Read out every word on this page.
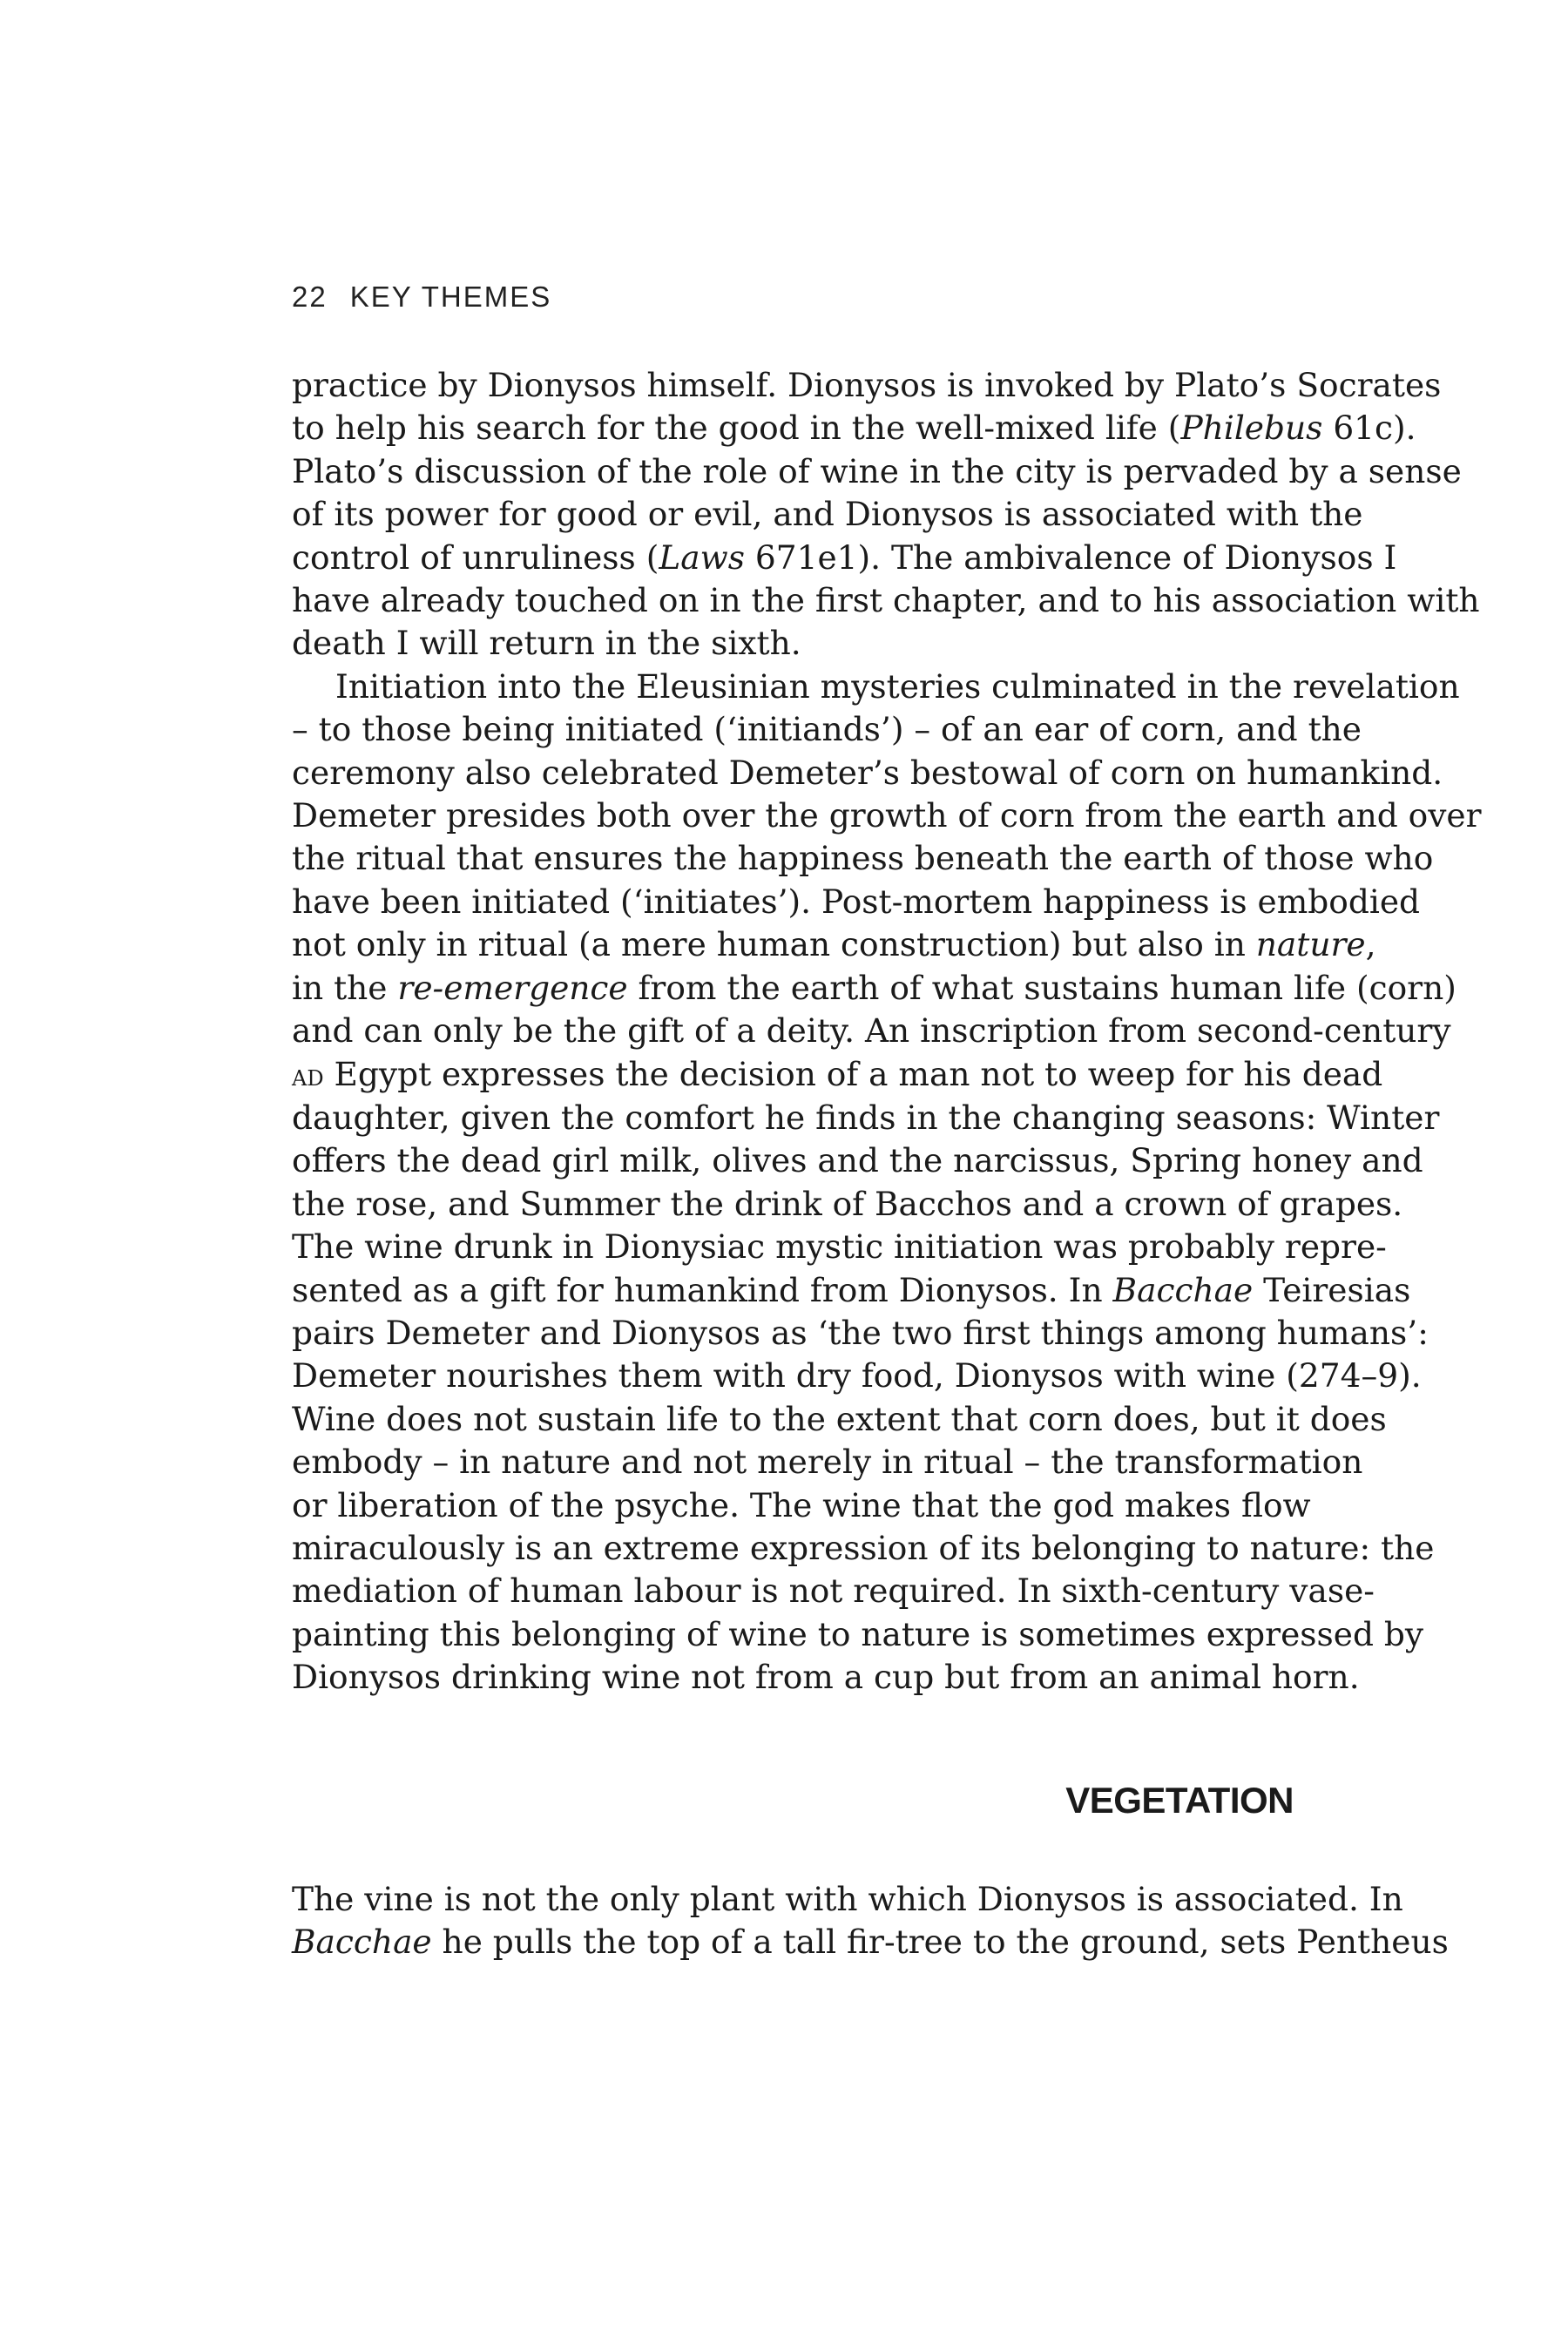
22 KEY THEMES

practice by Dionysos himself. Dionysos is invoked by Plato’s Socrates
to help his search for the good in the well-mixed life (Philebus 61c).
Plato’s discussion of the role of wine in the city is pervaded by a sense
of its power for good or evil, and Dionysos is associated with the
control of unruliness (Laws 671e1). The ambivalence of Dionysos I
have already touched on in the first chapter, and to his association with
death I will return in the sixth.

Initiation into the Eleusinian mysteries culminated in the revelation
– to those being initiated (‘initiands’) – of an ear of corn, and the
ceremony also celebrated Demeter’s bestowal of corn on humankind.
Demeter presides both over the growth of corn from the earth and over
the ritual that ensures the happiness beneath the earth of those who
have been initiated (‘initiates’). Post-mortem happiness is embodied
not only in ritual (a mere human construction) but also in nature,
in the re-emergence from the earth of what sustains human life (corn)
and can only be the gift of a deity. An inscription from second-century
ad Egypt expresses the decision of a man not to weep for his dead
daughter, given the comfort he finds in the changing seasons: Winter
offers the dead girl milk, olives and the narcissus, Spring honey and
the rose, and Summer the drink of Bacchos and a crown of grapes.
The wine drunk in Dionysiac mystic initiation was probably repre-
sented as a gift for humankind from Dionysos. In Bacchae Teiresias
pairs Demeter and Dionysos as ‘the two first things among humans’:
Demeter nourishes them with dry food, Dionysos with wine (274–9).
Wine does not sustain life to the extent that corn does, but it does
embody – in nature and not merely in ritual – the transformation
or liberation of the psyche. The wine that the god makes flow
miraculously is an extreme expression of its belonging to nature: the
mediation of human labour is not required. In sixth-century vase-
painting this belonging of wine to nature is sometimes expressed by
Dionysos drinking wine not from a cup but from an animal horn.

VEGETATION

The vine is not the only plant with which Dionysos is associated. In
Bacchae he pulls the top of a tall fir-tree to the ground, sets Pentheus
